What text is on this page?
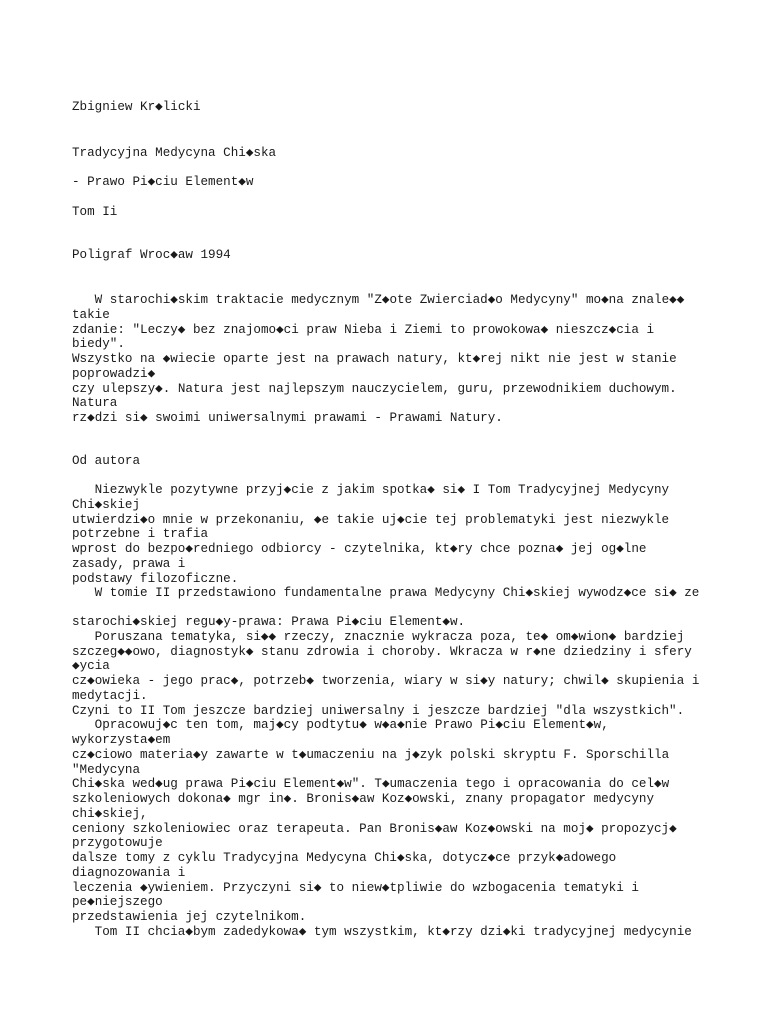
Zbigniew Kr◆licki
Tradycyjna Medycyna Chi◆ska
- Prawo Pi◆ciu Element◆w
Tom Ii
Poligraf Wroc◆aw 1994
W starochi◆skim traktacie medycznym "Z◆ote Zwierciad◆o Medycyny" mo◆na znale◆◆
takie
zdanie: "Leczy◆ bez znajomo◆ci praw Nieba i Ziemi to prowokowa◆ nieszcz◆cia i
biedy".
Wszystko na ◆wiecie oparte jest na prawach natury, kt◆rej nikt nie jest w stanie
poprowadzi◆
czy ulepszy◆. Natura jest najlepszym nauczycielem, guru, przewodnikiem duchowym.
Natura
rz◆dzi si◆ swoimi uniwersalnymi prawami - Prawami Natury.
Od autora
Niezwykle pozytywne przyj◆cie z jakim spotka◆ si◆ I Tom Tradycyjnej Medycyny
Chi◆skiej
utwierdzi◆o mnie w przekonaniu, ◆e takie uj◆cie tej problematyki jest niezwykle
potrzebne i trafia
wprost do bezpo◆redniego odbiorcy - czytelnika, kt◆ry chce pozna◆ jej og◆lne
zasady, prawa i
podstawy filozoficzne.
W tomie II przedstawiono fundamentalne prawa Medycyny Chi◆skiej wywodz◆ce si◆ ze
starochi◆skiej regu◆y-prawa: Prawa Pi◆ciu Element◆w.
Poruszana tematyka, si◆◆ rzeczy, znacznie wykracza poza, te◆ om◆wion◆ bardziej
szczeg◆◆owo, diagnostyk◆ stanu zdrowia i choroby. Wkracza w r◆ne dziedziny i sfery
◆ycia
cz◆owieka - jego prac◆, potrzeb◆ tworzenia, wiary w si◆y natury; chwil◆ skupienia i
medytacji.
Czyni to II Tom jeszcze bardziej uniwersalny i jeszcze bardziej "dla wszystkich".
Opracowuj◆c ten tom, maj◆cy podtytu◆ w◆a◆nie Prawo Pi◆ciu Element◆w,
wykorzysta◆em
cz◆ciowo materia◆y zawarte w t◆umaczeniu na j◆zyk polski skryptu F. Sporschilla
"Medycyna
Chi◆ska wed◆ug prawa Pi◆ciu Element◆w". T◆umaczenia tego i opracowania do cel◆w
szkoleniowych dokona◆ mgr in◆. Bronis◆aw Koz◆owski, znany propagator medycyny
chi◆skiej,
ceniony szkoleniowiec oraz terapeuta. Pan Bronis◆aw Koz◆owski na moj◆ propozycj◆
przygotowuje
dalsze tomy z cyklu Tradycyjna Medycyna Chi◆ska, dotycz◆ce przyk◆adowego
diagnozowania i
leczenia ◆ywieniem. Przyczyni si◆ to niew◆tpliwie do wzbogacenia tematyki i
pe◆niejszego
przedstawienia jej czytelnikom.
Tom II chcia◆bym zadedykowa◆ tym wszystkim, kt◆rzy dzi◆ki tradycyjnej medycynie
